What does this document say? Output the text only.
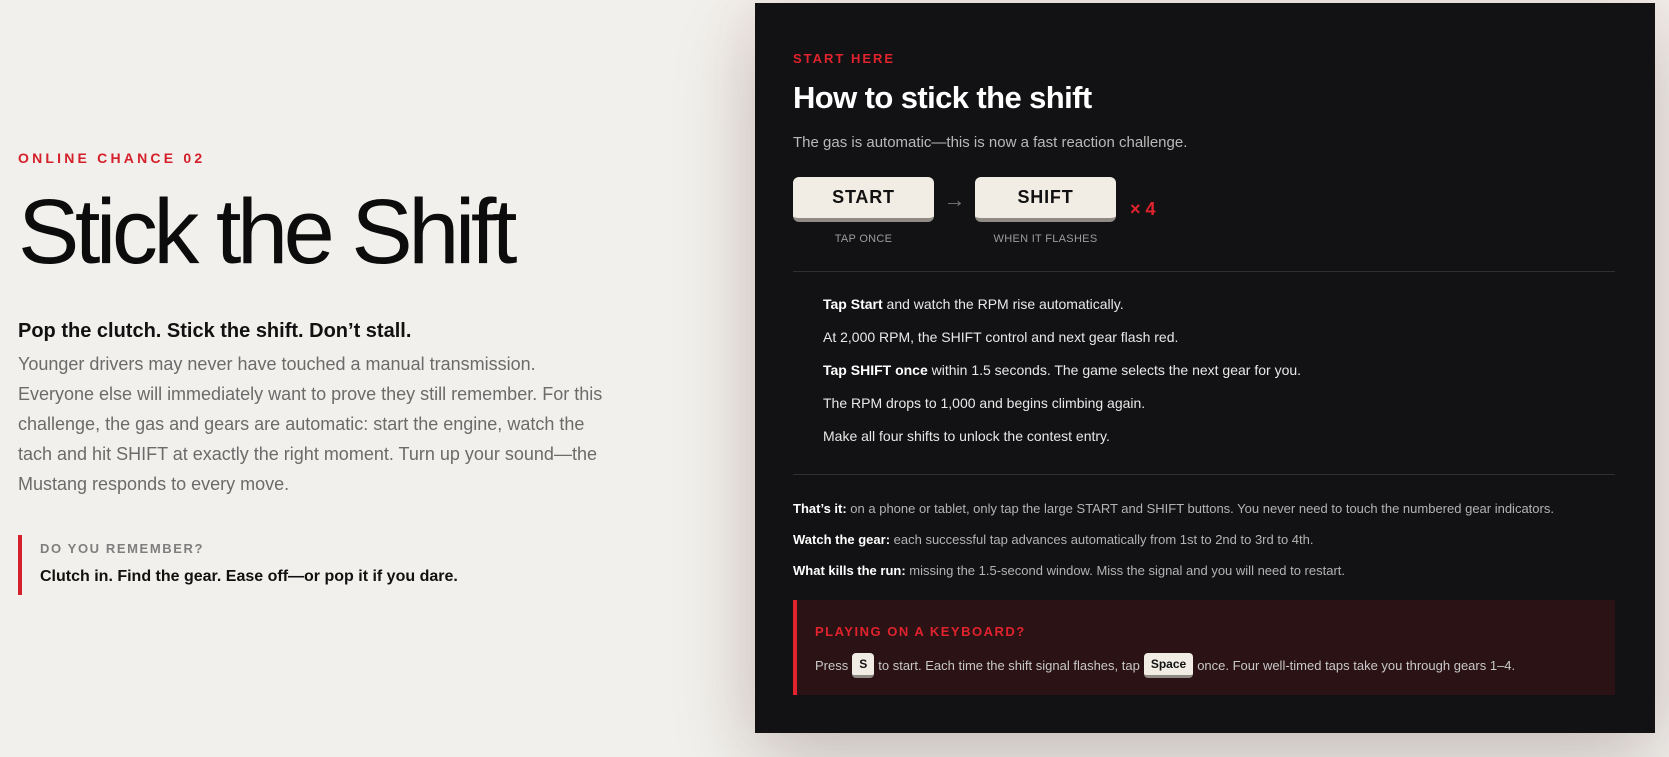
ONLINE CHANCE 02
Stick the Shift

Pop the clutch. Stick the shift. Don’t stall.

Younger drivers may never have touched a manual transmission. Everyone else will immediately want to prove they still remember. For this challenge, the gas and gears are automatic: start the engine, watch the tach and hit SHIFT at exactly the right moment. Turn up your sound—the Mustang responds to every move.

DO YOU REMEMBER?
Clutch in. Find the gear. Ease off—or pop it if you dare.
START HERE
How to stick the shift

The gas is automatic—this is now a fast reaction challenge.

START
TAP ONCE
→	SHIFT
WHEN IT FLASHES
× 4
Tap Start and watch the RPM rise automatically.
At 2,000 RPM, the SHIFT control and next gear flash red.
Tap SHIFT once within 1.5 seconds. The game selects the next gear for you.
The RPM drops to 1,000 and begins climbing again.
Make all four shifts to unlock the contest entry.
That’s it: on a phone or tablet, only tap the large START and SHIFT buttons. You never need to touch the numbered gear indicators.
Watch the gear: each successful tap advances automatically from 1st to 2nd to 3rd to 4th.
What kills the run: missing the 1.5-second window. Miss the signal and you will need to restart.
PLAYING ON A KEYBOARD?
Press S to start. Each time the shift signal flashes, tap Space once. Four well-timed taps take you through gears 1–4.
